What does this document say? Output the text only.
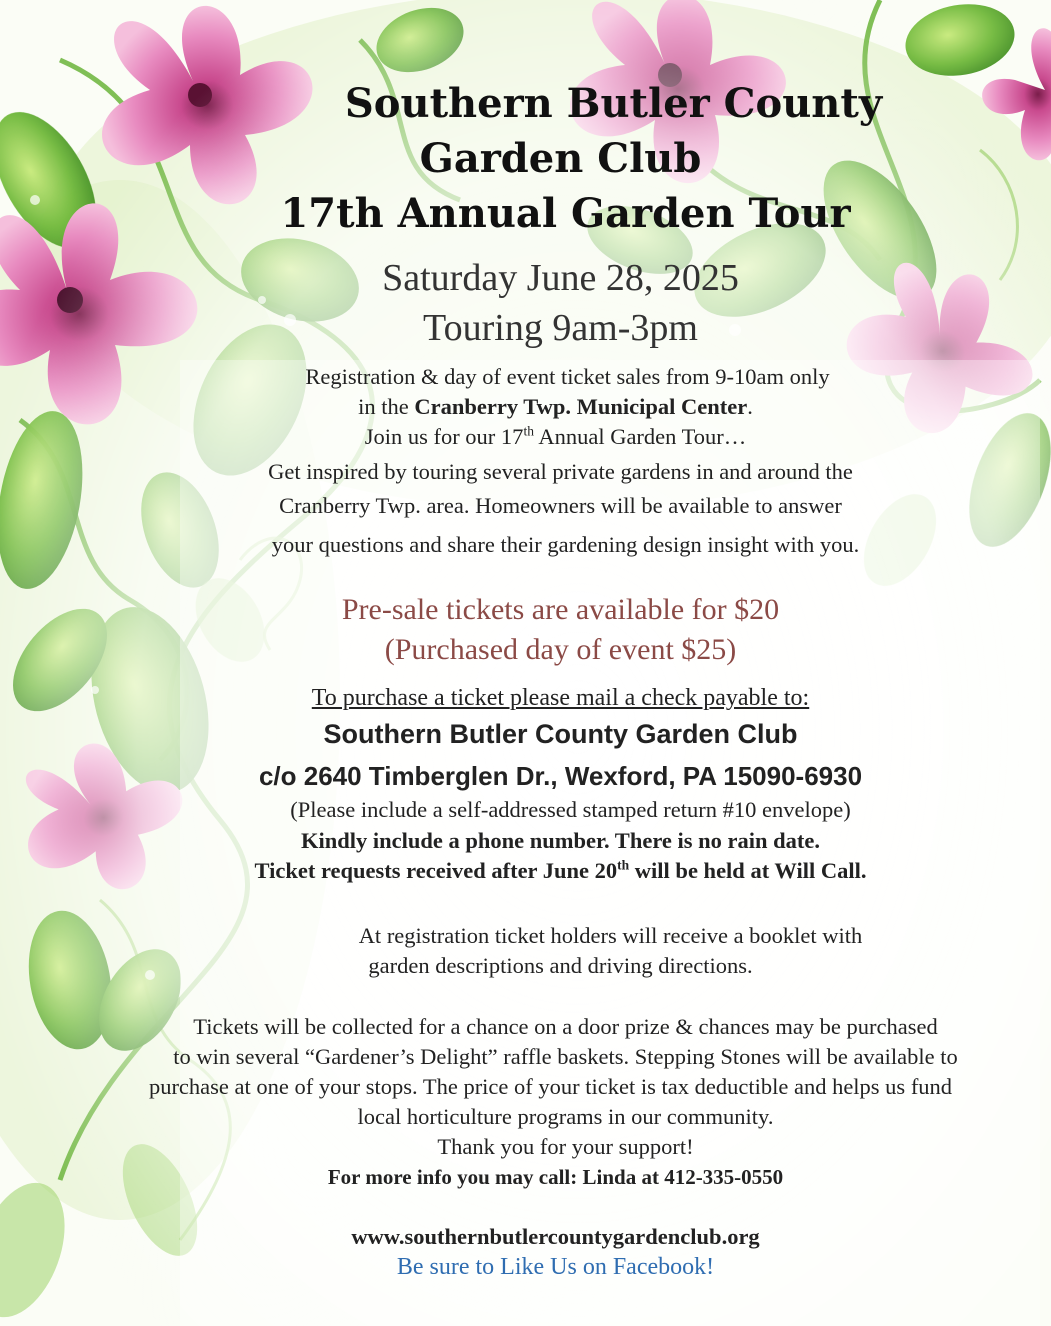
Southern Butler County
Garden Club
17th Annual Garden Tour
Saturday June 28, 2025
Touring 9am-3pm
Registration & day of event ticket sales from 9-10am only
in the Cranberry Twp. Municipal Center.
Join us for our 17th Annual Garden Tour…
Get inspired by touring several private gardens in and around the
Cranberry Twp. area. Homeowners will be available to answer
your questions and share their gardening design insight with you.
Pre-sale tickets are available for $20
(Purchased day of event $25)
To purchase a ticket please mail a check payable to:
Southern Butler County Garden Club
c/o 2640 Timberglen Dr., Wexford, PA 15090-6930
(Please include a self-addressed stamped return #10 envelope)
Kindly include a phone number. There is no rain date.
Ticket requests received after June 20th will be held at Will Call.
At registration ticket holders will receive a booklet with
garden descriptions and driving directions.
Tickets will be collected for a chance on a door prize & chances may be purchased
to win several “Gardener’s Delight” raffle baskets. Stepping Stones will be available to
purchase at one of your stops. The price of your ticket is tax deductible and helps us fund
local horticulture programs in our community.
Thank you for your support!
For more info you may call: Linda at 412-335-0550
www.southernbutlercountygardenclub.org
Be sure to Like Us on Facebook!
